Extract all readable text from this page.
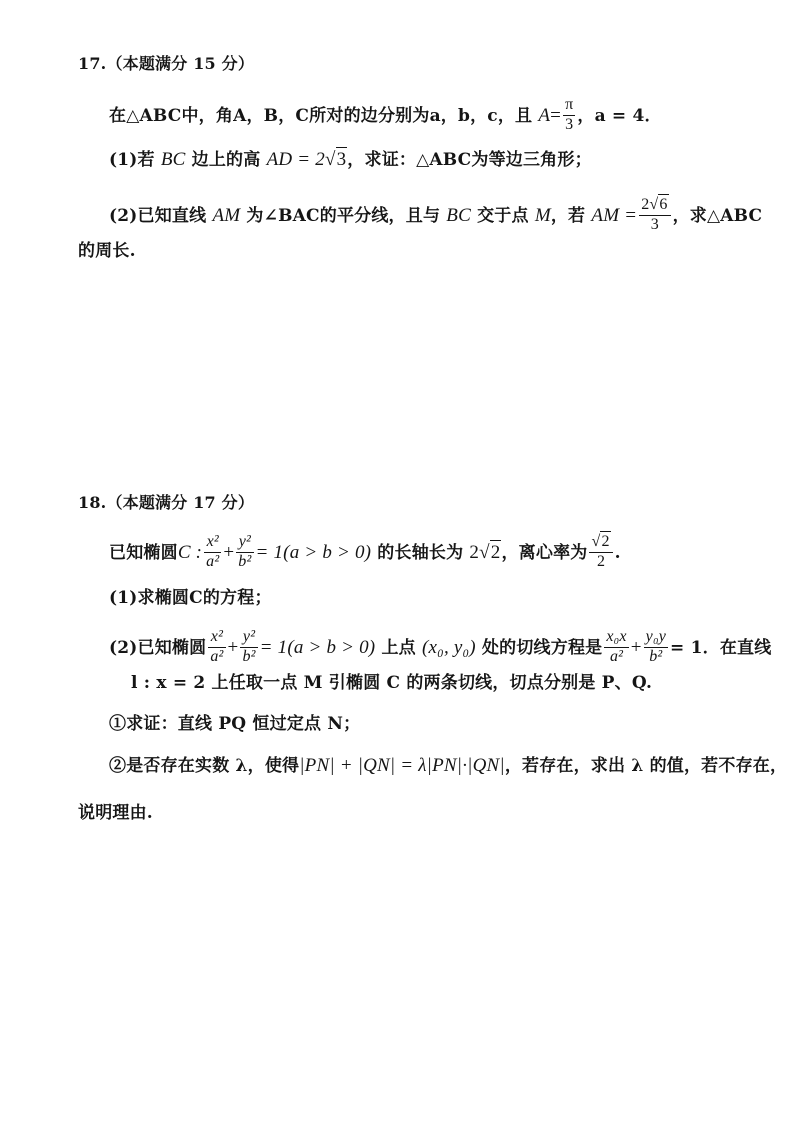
17.（本题满分 15 分）
在△ABC中，角A，B，C所对的边分别为a，b，c，且 $A= \frac{\pi}{3}$ ，a = 4．
(1)若 BC 边上的高 AD = 2√3，求证：△ABC为等边三角形；
(2)已知直线 AM 为∠BAC的平分线，且与 BC 交于点 M，若 AM = $\frac{2√6}{3}$ ，求△ABC
的周长.
18.（本题满分 17 分）
已知椭圆C : $\frac{\text{x²}}{\text{a²}} + \frac{\text{y²}}{\text{b²}} = 1(a > b > 0)$ 的长轴长为 2√2，离心率为 $\frac{√2}{2}$ .
(1)求椭圆C的方程；
(2)已知椭圆 $\frac{\text{x²}}{\text{a²}} + \frac{\text{y²}}{\text{b²}} = 1(a > b > 0)$ 上点 (x₀, y₀) 处的切线方程是 $\frac{\text{x₀x}}{\text{a²}} + \frac{\text{y₀y}}{\text{b²}} = 1$．在直线
l : x = 2 上任取一点 M 引椭圆 C 的两条切线，切点分别是 P、Q.
①求证：直线 PQ 恒过定点 N；
②是否存在实数 λ，使得|PN| + |QN| = λ|PN|·|QN|，若存在，求出 λ 的值，若不存在，
说明理由.
